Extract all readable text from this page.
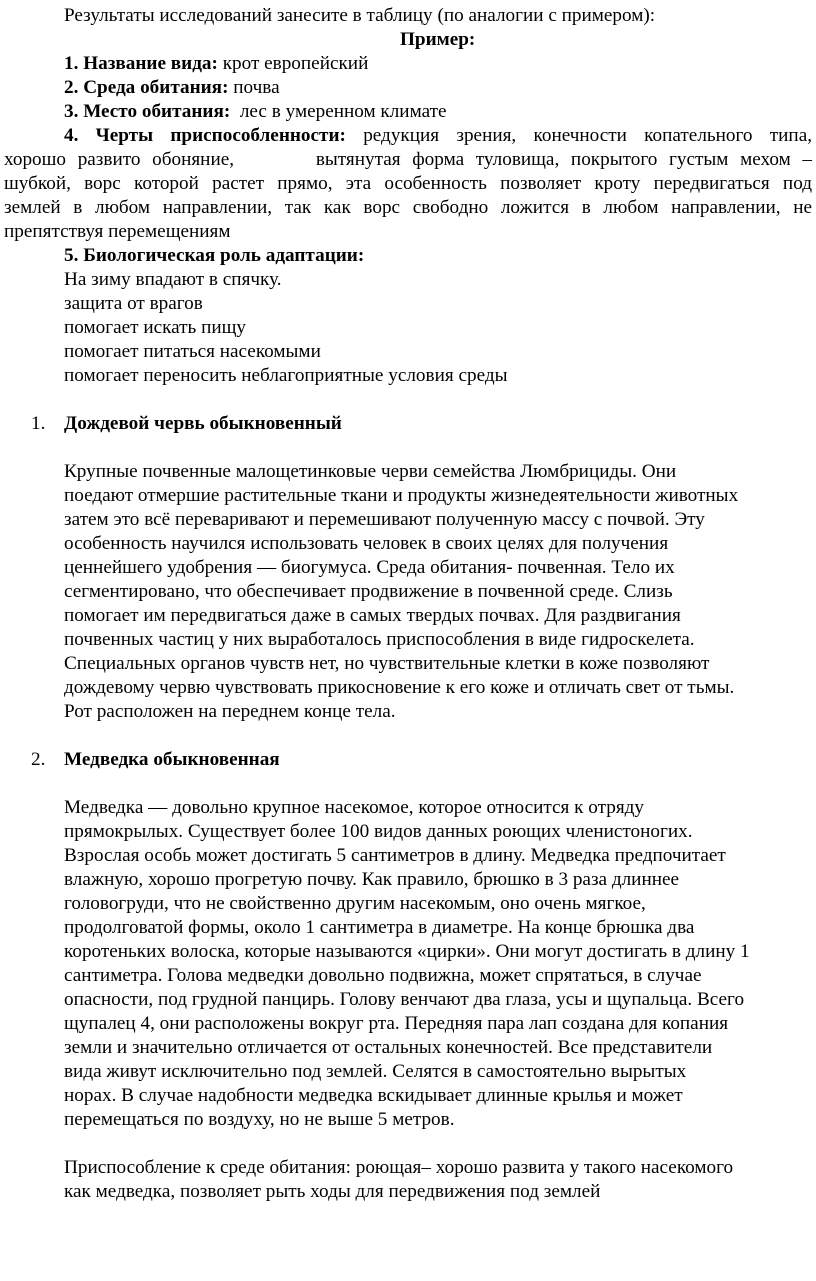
Результаты исследований занесите в таблицу (по аналогии с примером):
Пример:
1. Название вида: крот европейский
2. Среда обитания: почва
3. Место обитания:  лес в умеренном климате
4. Черты приспособленности: редукция зрения, конечности копательного типа,
хорошо развито обоняние,       вытянутая форма туловища, покрытого густым мехом –
шубкой, ворс которой растет прямо, эта особенность позволяет кроту передвигаться под
землей в любом направлении, так как ворс свободно ложится в любом направлении, не
препятствуя перемещениям
5. Биологическая роль адаптации:
На зиму впадают в спячку.
защита от врагов
помогает искать пищу
помогает питаться насекомыми
помогает переносить неблагоприятные условия среды
1. Дождевой червь обыкновенный
Крупные почвенные малощетинковые черви семейства Люмбрициды. Они
поедают отмершие растительные ткани и продукты жизнедеятельности животных
затем это всё переваривают и перемешивают полученную массу с почвой. Эту
особенность научился использовать человек в своих целях для получения
ценнейшего удобрения — биогумуса. Среда обитания- почвенная. Тело их
сегментировано, что обеспечивает продвижение в почвенной среде. Слизь
помогает им передвигаться даже в самых твердых почвах. Для раздвигания
почвенных частиц у них выработалось приспособления в виде гидроскелета.
Специальных органов чувств нет, но чувствительные клетки в коже позволяют
дождевому червю чувствовать прикосновение к его коже и отличать свет от тьмы.
Рот расположен на переднем конце тела.
2. Медведка обыкновенная
Медведка — довольно крупное насекомое, которое относится к отряду
прямокрылых. Существует более 100 видов данных роющих членистоногих.
Взрослая особь может достигать 5 сантиметров в длину. Медведка предпочитает
влажную, хорошо прогретую почву. Как правило, брюшко в 3 раза длиннее
головогруди, что не свойственно другим насекомым, оно очень мягкое,
продолговатой формы, около 1 сантиметра в диаметре. На конце брюшка два
коротеньких волоска, которые называются «цирки». Они могут достигать в длину 1
сантиметра. Голова медведки довольно подвижна, может спрятаться, в случае
опасности, под грудной панцирь. Голову венчают два глаза, усы и щупальца. Всего
щупалец 4, они расположены вокруг рта. Передняя пара лап создана для копания
земли и значительно отличается от остальных конечностей. Все представители
вида живут исключительно под землей. Селятся в самостоятельно вырытых
норах. В случае надобности медведка вскидывает длинные крылья и может
перемещаться по воздуху, но не выше 5 метров.
Приспособление к среде обитания: роющая– хорошо развита у такого насекомого
как медведка, позволяет рыть ходы для передвижения под землей
